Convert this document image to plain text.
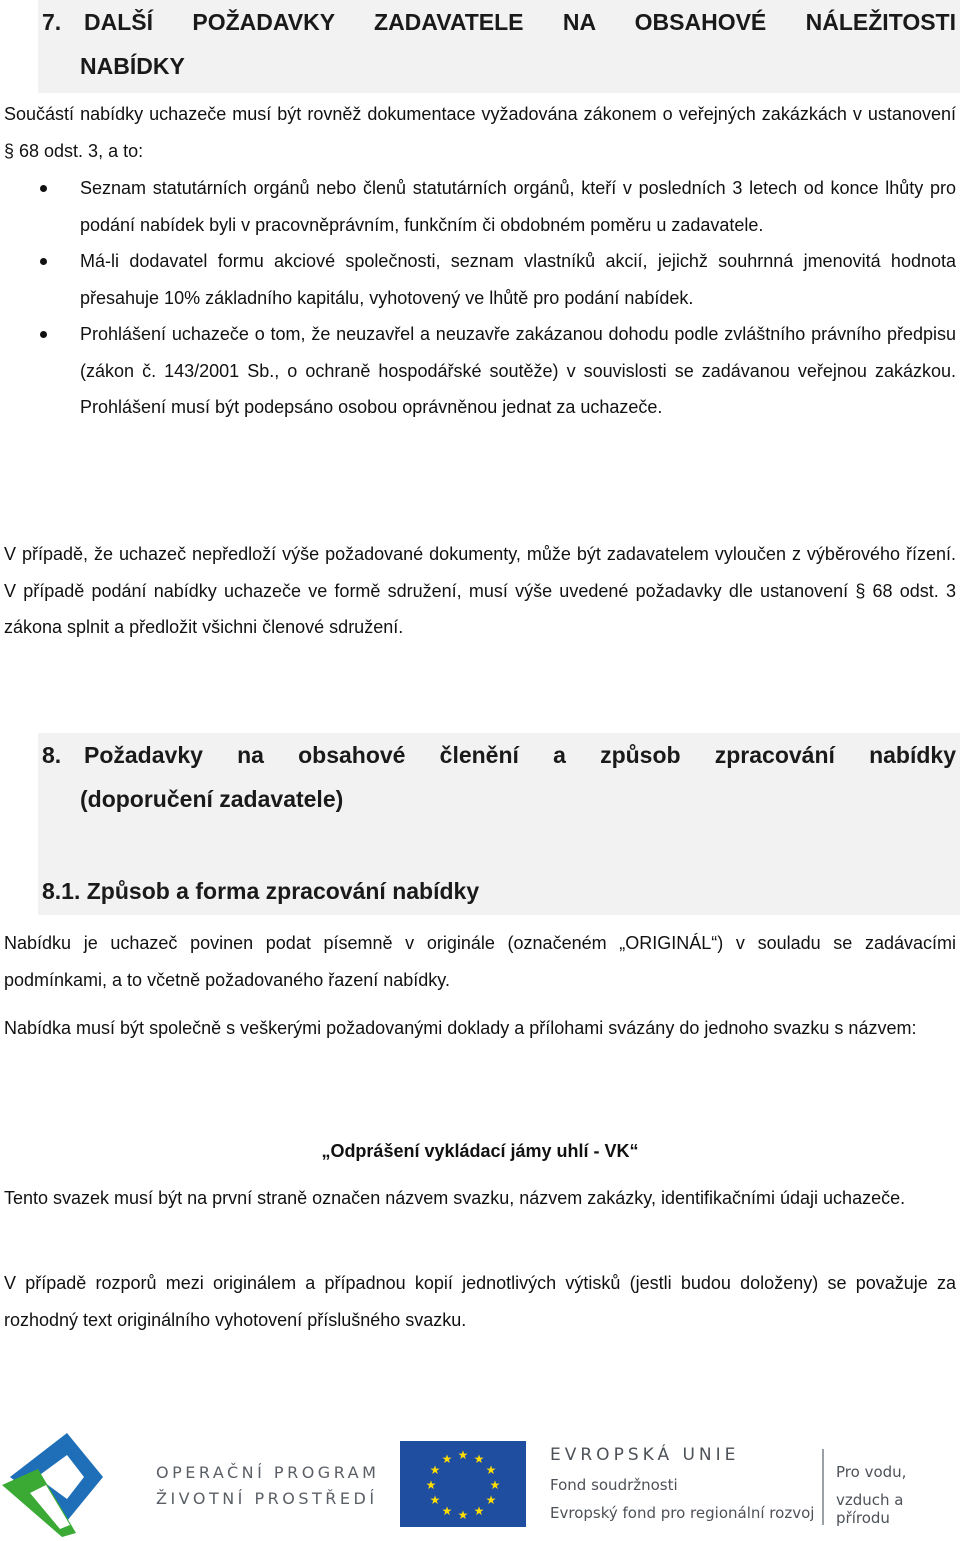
7. DALŠÍ POŽADAVKY ZADAVATELE NA OBSAHOVÉ NÁLEŽITOSTI
NABÍDKY

Součástí nabídky uchazeče musí být rovněž dokumentace vyžadována zákonem o veřejných zakázkách v ustanovení § 68 odst. 3, a to:

Seznam statutárních orgánů nebo členů statutárních orgánů, kteří v posledních 3 letech od konce lhůty pro podání nabídek byli v pracovněprávním, funkčním či obdobném poměru u zadavatele.
Má-li dodavatel formu akciové společnosti, seznam vlastníků akcií, jejichž souhrnná jmenovitá hodnota přesahuje 10% základního kapitálu, vyhotovený ve lhůtě pro podání nabídek.
Prohlášení uchazeče o tom, že neuzavřel a neuzavře zakázanou dohodu podle zvláštního právního předpisu (zákon č. 143/2001 Sb., o ochraně hospodářské soutěže) v souvislosti se zadávanou veřejnou zakázkou. Prohlášení musí být podepsáno osobou oprávněnou jednat za uchazeče.

V případě, že uchazeč nepředloží výše požadované dokumenty, může být zadavatelem vyloučen z výběrového řízení. V případě podání nabídky uchazeče ve formě sdružení, musí výše uvedené požadavky dle ustanovení § 68 odst. 3 zákona splnit a předložit všichni členové sdružení.

8. Požadavky na obsahové členění a způsob zpracování nabídky
(doporučení zadavatele)
8.1. Způsob a forma zpracování nabídky

Nabídku je uchazeč povinen podat písemně v originále (označeném „ORIGINÁL“) v souladu se zadávacími podmínkami, a to včetně požadovaného řazení nabídky.

Nabídka musí být společně s veškerými požadovanými doklady a přílohami svázány do jednoho svazku s názvem:

„Odprášení vykládací jámy uhlí - VK“

Tento svazek musí být na první straně označen názvem svazku, názvem zakázky, identifikačními údaji uchazeče.

V případě rozporů mezi originálem a případnou kopií jednotlivých výtisků (jestli budou doloženy) se považuje za rozhodný text originálního vyhotovení příslušného svazku.

OPERAČNÍ PROGRAM
ŽIVOTNÍ PROSTŘEDÍ
★ ★
★
★
★
★
★
★
★
★
★
★	EVROPSKÁ UNIE
Fond soudržnosti
Evropský fond pro regionální rozvoj
Pro vodu,
vzduch a přírodu
